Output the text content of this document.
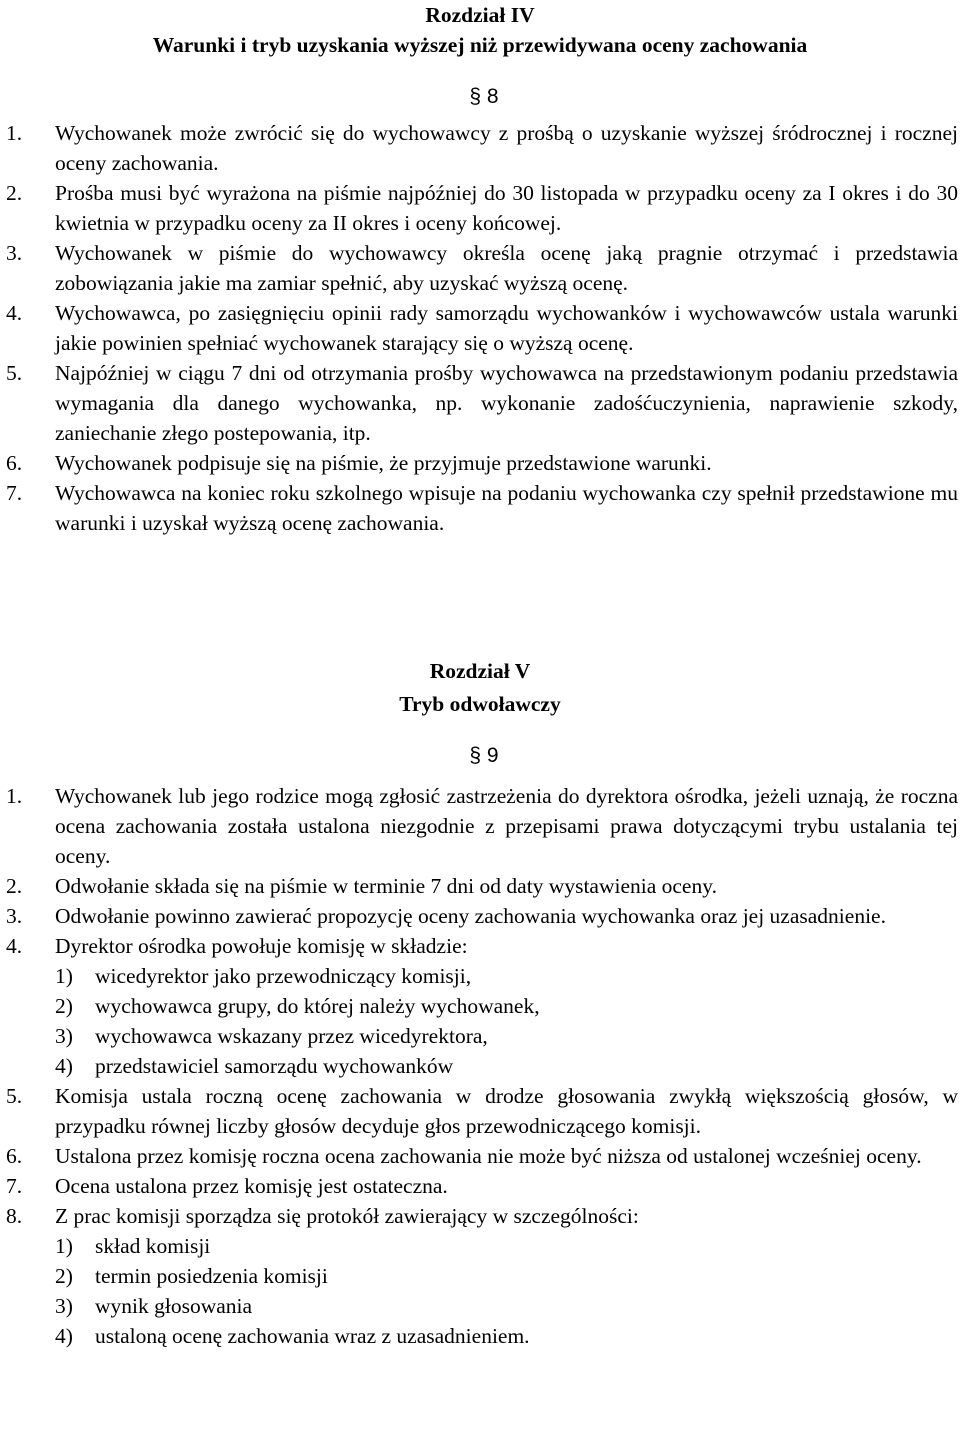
Rozdział IV

Warunki i tryb uzyskania wyższej niż przewidywana oceny zachowania

§ 8

1.	Wychowanek może zwrócić się do wychowawcy z prośbą o uzyskanie wyższej śródrocznej i rocznej oceny zachowania.
2.	Prośba musi być wyrażona na piśmie najpóźniej do 30 listopada w przypadku oceny za I okres i do 30 kwietnia w przypadku oceny za II okres i oceny końcowej.
3.	Wychowanek w piśmie do wychowawcy określa ocenę jaką pragnie otrzymać i przedstawia zobowiązania jakie ma zamiar spełnić, aby uzyskać wyższą ocenę.
4.	Wychowawca, po zasięgnięciu opinii rady samorządu wychowanków i wychowawców ustala warunki jakie powinien spełniać wychowanek starający się o wyższą ocenę.
5.	Najpóźniej w ciągu 7 dni od otrzymania prośby wychowawca na przedstawionym podaniu przedstawia wymagania dla danego wychowanka, np. wykonanie zadośćuczynienia, naprawienie szkody, zaniechanie złego postepowania, itp.
6.	Wychowanek podpisuje się na piśmie, że przyjmuje przedstawione warunki.
7.	Wychowawca na koniec roku szkolnego wpisuje na podaniu wychowanka czy spełnił przedstawione mu warunki i uzyskał wyższą ocenę zachowania.

Rozdział V

Tryb odwoławczy

§ 9

1.	Wychowanek lub jego rodzice mogą zgłosić zastrzeżenia do dyrektora ośrodka, jeżeli uznają, że roczna ocena zachowania została ustalona niezgodnie z przepisami prawa dotyczącymi trybu ustalania tej oceny.
2.	Odwołanie składa się na piśmie w terminie 7 dni od daty wystawienia oceny.
3.	Odwołanie powinno zawierać propozycję oceny zachowania wychowanka oraz jej uzasadnienie.
4.	Dyrektor ośrodka powołuje komisję w składzie:
1)	wicedyrektor jako przewodniczący komisji,
2)	wychowawca grupy, do której należy wychowanek,
3)	wychowawca wskazany przez wicedyrektora,
4)	przedstawiciel samorządu wychowanków
5.	Komisja ustala roczną ocenę zachowania w drodze głosowania zwykłą większością głosów, w przypadku równej liczby głosów decyduje głos przewodniczącego komisji.
6.	Ustalona przez komisję roczna ocena zachowania nie może być niższa od ustalonej wcześniej oceny.
7.	Ocena ustalona przez komisję jest ostateczna.
8.	Z prac komisji sporządza się protokół zawierający w szczególności:
1)	skład komisji
2)	termin posiedzenia komisji
3)	wynik głosowania
4)	ustaloną ocenę zachowania wraz z uzasadnieniem.
